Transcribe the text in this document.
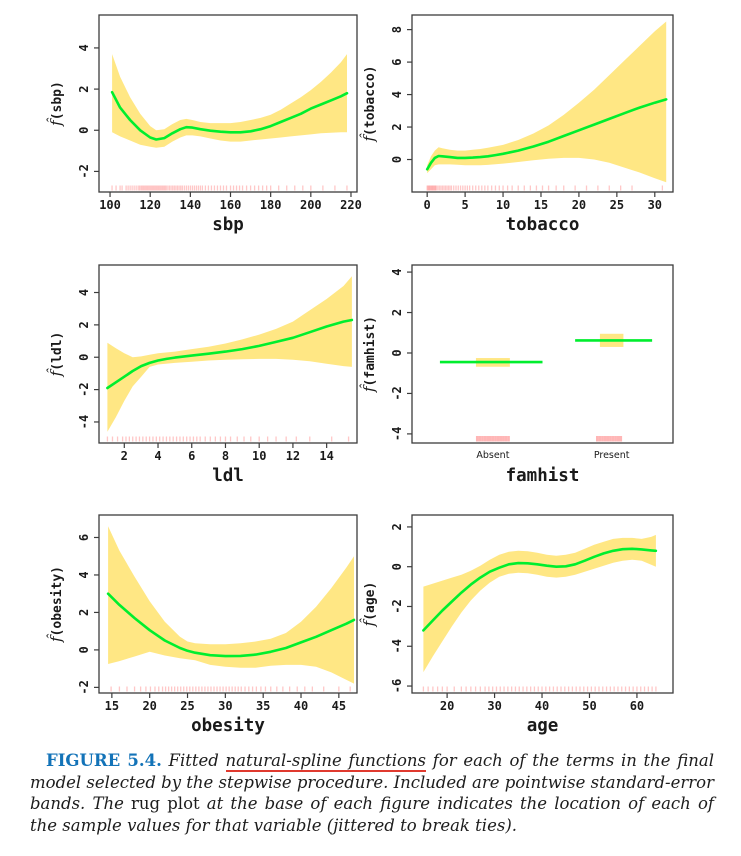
100 120 140 160 180 200 220
-2
0
2
4
sbp
f̂(sbp)
0	5 10 15 20 25 30
0
2
4
6
8
tobacco
f̂(tobacco)
2 4 6 8 10 12 14
-4
-2
0
2
4
ldl
f̂(ldl)
-4
-2
0
2
4
Absent	Present
famhist
f̂(famhist)
15 20 25 30 35 40 45
-2
0
2
4
6
obesity
f̂(obesity)
20	30	40	50	60
-6
-4
-2
0
2
age
f̂(age)

FIGURE 5.4. Fitted natural-spline functions for each of the terms in the final model selected by the stepwise procedure. Included are pointwise standard-error bands. The rug plot at the base of each figure indicates the location of each of the sample values for that variable (jittered to break ties).
